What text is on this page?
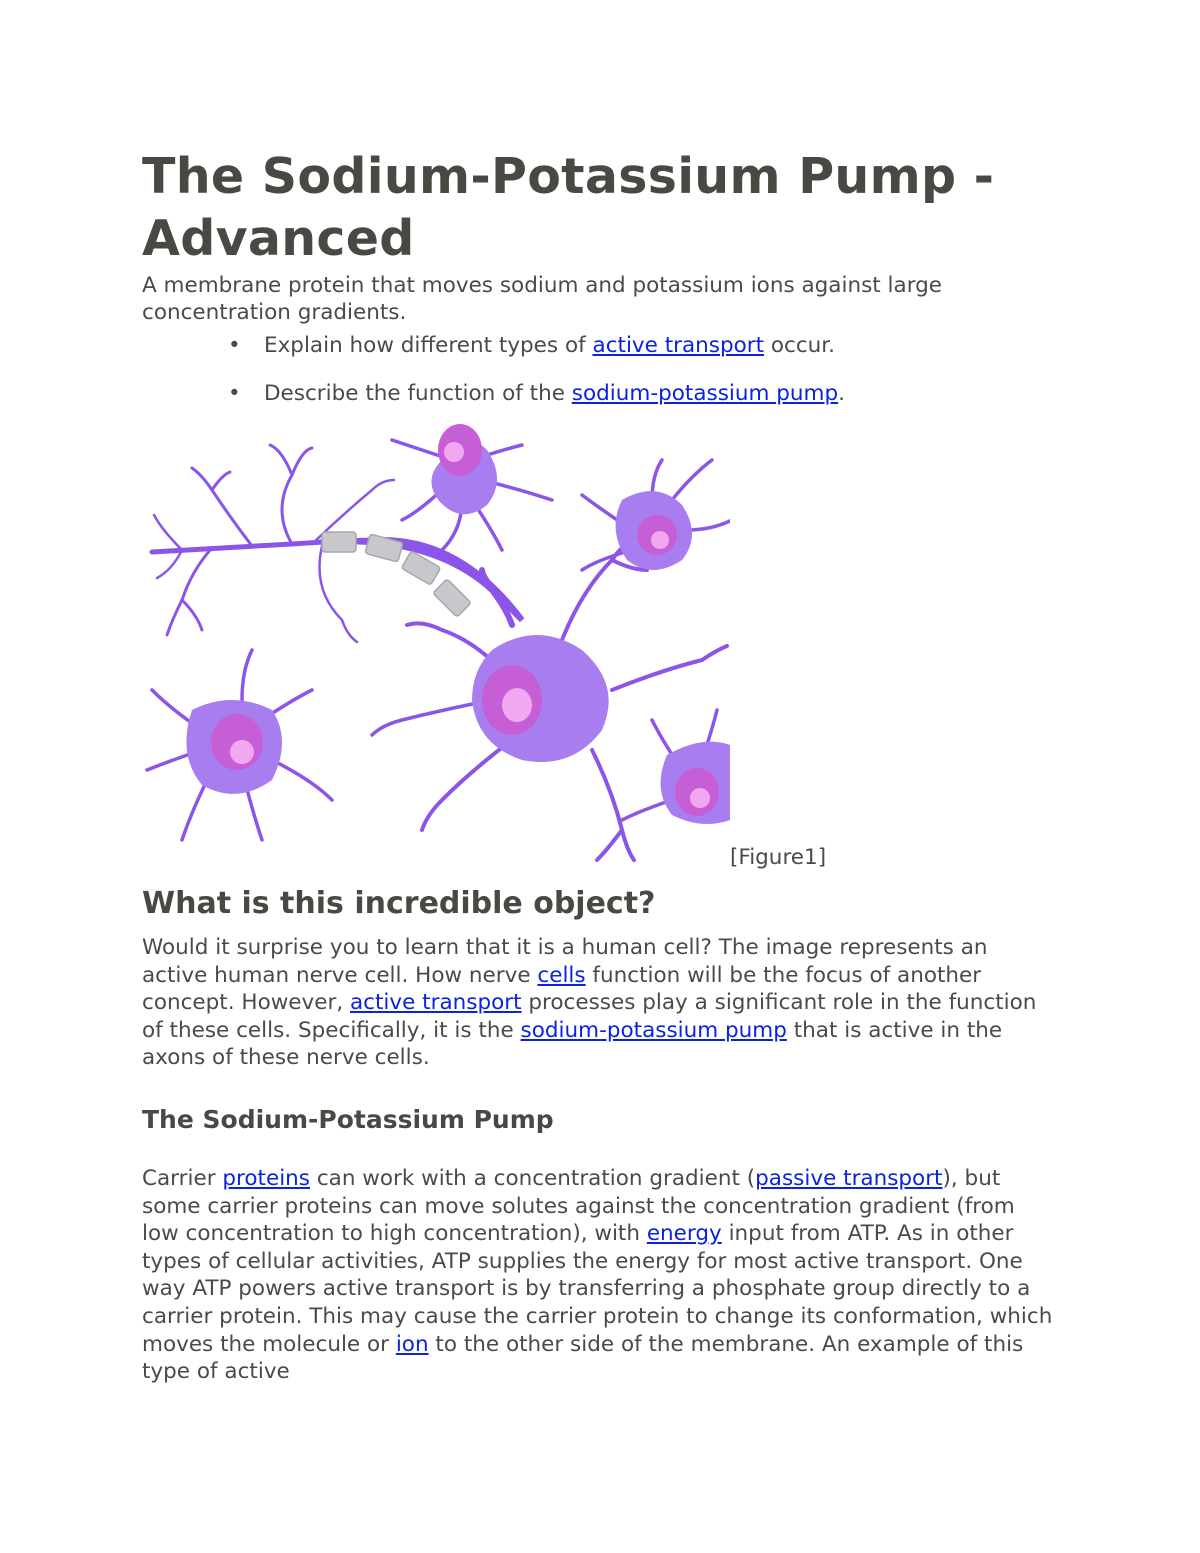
The Sodium-Potassium Pump - Advanced

A membrane protein that moves sodium and potassium ions against large concentration gradients.

• Explain how different types of active transport occur.
• Describe the function of the sodium-potassium pump.
[Figure1]
What is this incredible object?

Would it surprise you to learn that it is a human cell? The image represents an active human nerve cell. How nerve cells function will be the focus of another concept. However, active transport processes play a significant role in the function of these cells. Specifically, it is the sodium-potassium pump that is active in the axons of these nerve cells.

The Sodium-Potassium Pump

Carrier proteins can work with a concentration gradient (passive transport), but some carrier proteins can move solutes against the concentration gradient (from low concentration to high concentration), with energy input from ATP. As in other types of cellular activities, ATP supplies the energy for most active transport. One way ATP powers active transport is by transferring a phosphate group directly to a carrier protein. This may cause the carrier protein to change its conformation, which moves the molecule or ion to the other side of the membrane. An example of this type of active
